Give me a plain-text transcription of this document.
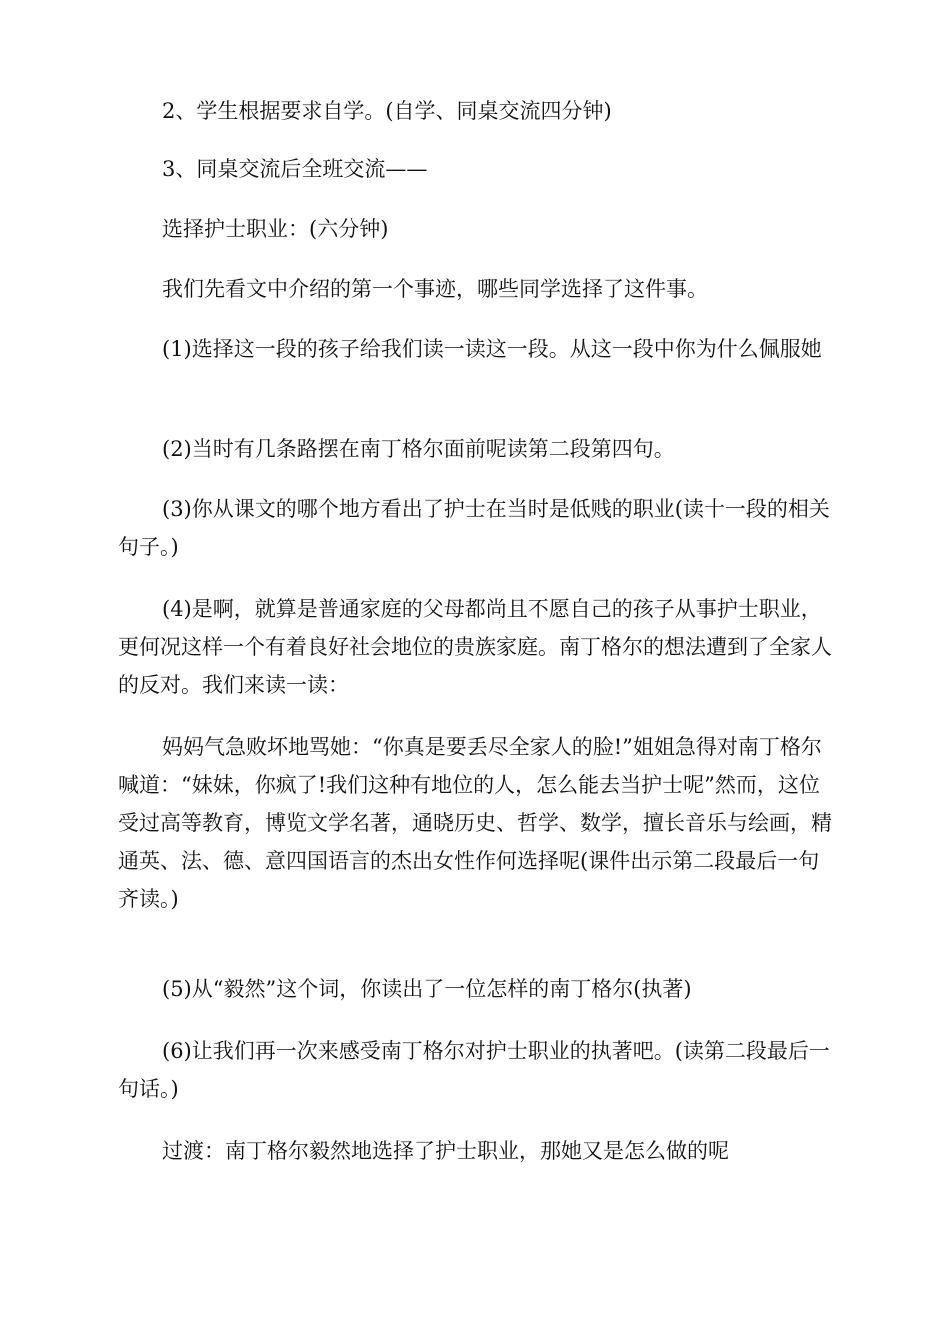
2、学生根据要求自学。(自学、同桌交流四分钟)

3、同桌交流后全班交流——

选择护士职业：(六分钟)

我们先看文中介绍的第一个事迹，哪些同学选择了这件事。

(1)选择这一段的孩子给我们读一读这一段。从这一段中你为什么佩服她

(2)当时有几条路摆在南丁格尔面前呢读第二段第四句。

(3)你从课文的哪个地方看出了护士在当时是低贱的职业(读十一段的相关句子。)

(4)是啊，就算是普通家庭的父母都尚且不愿自己的孩子从事护士职业，更何况这样一个有着良好社会地位的贵族家庭。南丁格尔的想法遭到了全家人的反对。我们来读一读：

妈妈气急败坏地骂她：“你真是要丢尽全家人的脸!”姐姐急得对南丁格尔喊道：“妹妹，你疯了!我们这种有地位的人，怎么能去当护士呢”然而，这位受过高等教育，博览文学名著，通晓历史、哲学、数学，擅长音乐与绘画，精通英、法、德、意四国语言的杰出女性作何选择呢(课件出示第二段最后一句齐读。)

(5)从“毅然”这个词，你读出了一位怎样的南丁格尔(执著)

(6)让我们再一次来感受南丁格尔对护士职业的执著吧。(读第二段最后一句话。)

过渡：南丁格尔毅然地选择了护士职业，那她又是怎么做的呢
